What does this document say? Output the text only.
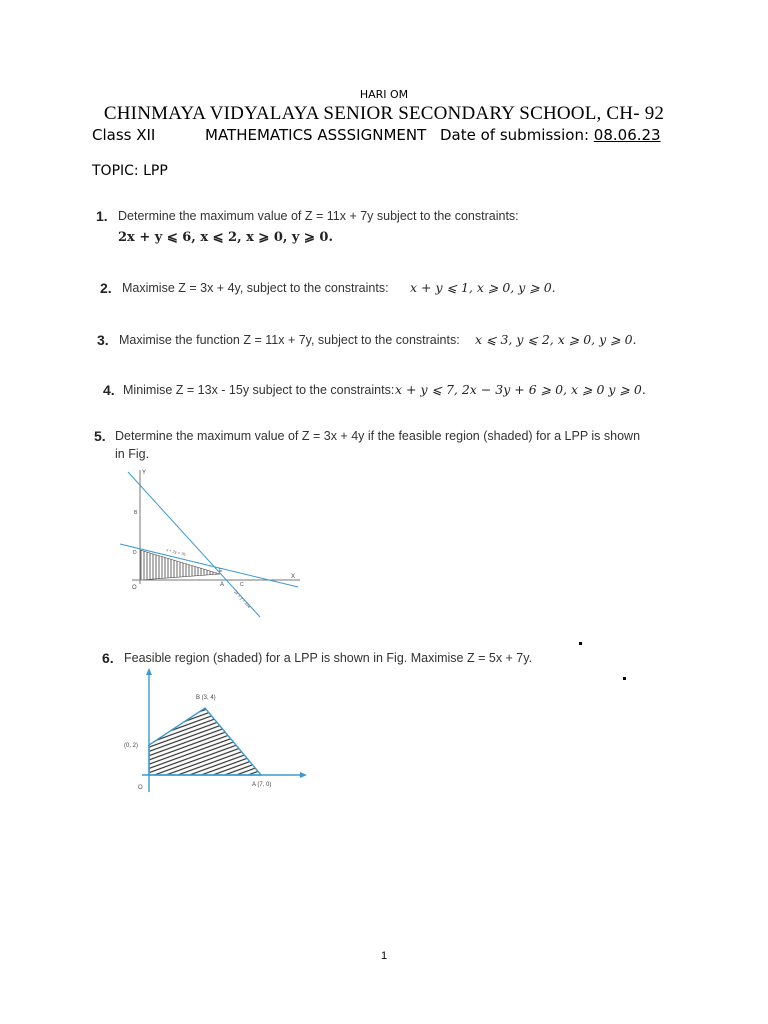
HARI OM
CHINMAYA VIDYALAYA SENIOR SECONDARY SCHOOL, CH- 92
Class XII	MATHEMATICS ASSSIGNMENT Date of submission: 08.06.23
TOPIC: LPP
1. Determine the maximum value of Z = 11x + 7y subject to the constraints:
2x + y ⩽ 6, x ⩽ 2, x ⩾ 0, y ⩾ 0.
2. Maximise Z = 3x + 4y, subject to the constraints: x + y ⩽ 1, x ⩾ 0, y ⩾ 0.
3. Maximise the function Z = 11x + 7y, subject to the constraints: x ⩽ 3, y ⩽ 2, x ⩾ 0, y ⩾ 0.
4. Minimise Z = 13x - 15y subject to the constraints: x + y ⩽ 7, 2x − 3y + 6 ⩾ 0, x ⩾ 0 y ⩾ 0.
5. Determine the maximum value of Z = 3x + 4y if the feasible region (shaded) for a LPP is shown
in Fig.
Y
X
O
B
D
A	C
E
x + 2y = 76
2x + y = 104
6. Feasible region (shaded) for a LPP is shown in Fig. Maximise Z = 5x + 7y.
B (3, 4)
(0, 2)
A (7, 0)
O
1
